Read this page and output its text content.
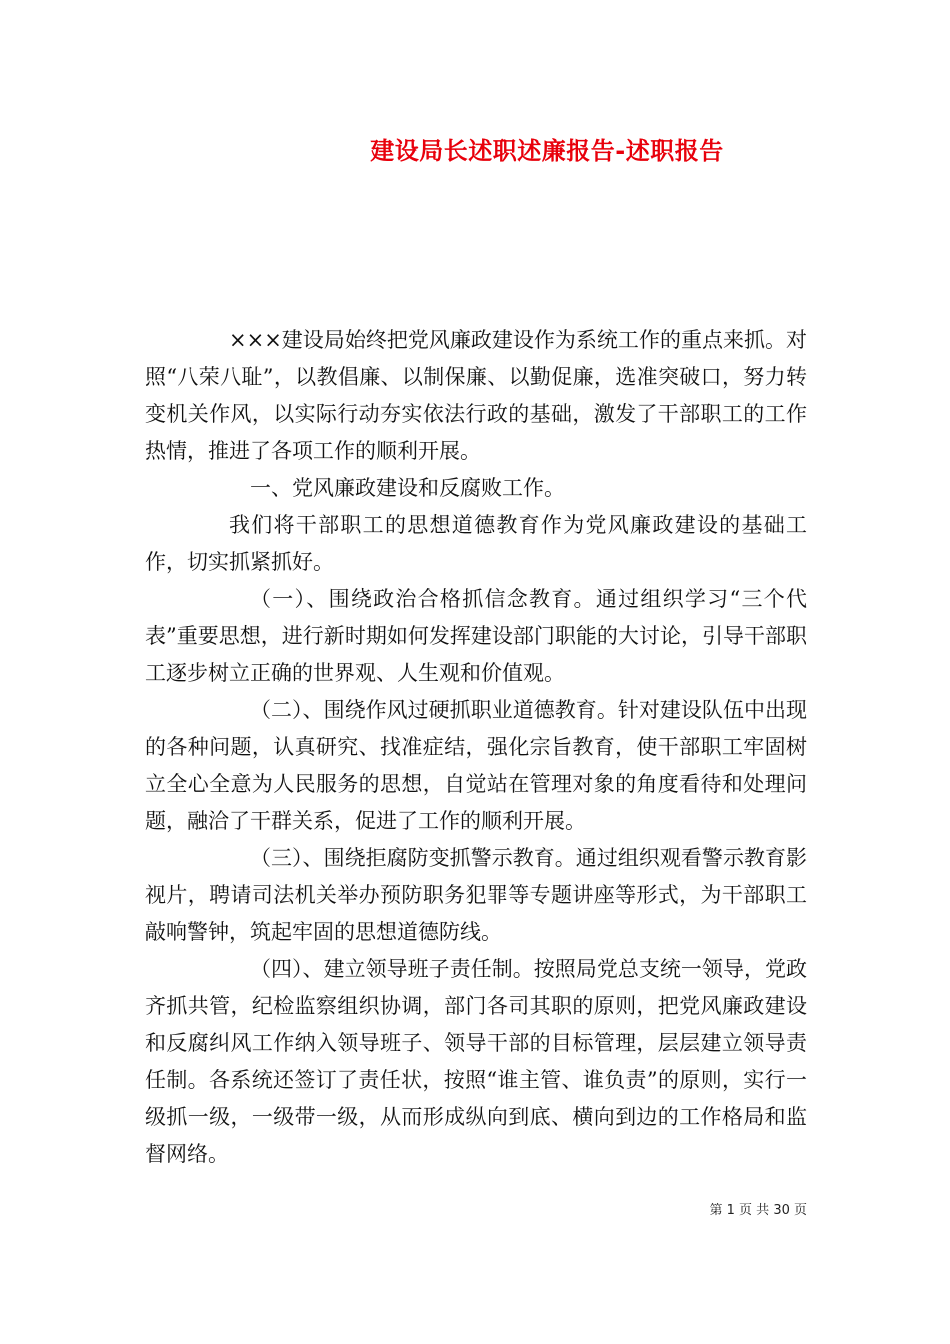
建设局长述职述廉报告-述职报告

×××建设局始终把党风廉政建设作为系统工作的重点来抓。对照“八荣八耻”，以教倡廉、以制保廉、以勤促廉，选准突破口，努力转变机关作风，以实际行动夯实依法行政的基础，激发了干部职工的工作热情，推进了各项工作的顺利开展。

一、党风廉政建设和反腐败工作。

我们将干部职工的思想道德教育作为党风廉政建设的基础工作，切实抓紧抓好。

（一）、围绕政治合格抓信念教育。通过组织学习“三个代表”重要思想，进行新时期如何发挥建设部门职能的大讨论，引导干部职工逐步树立正确的世界观、人生观和价值观。

（二）、围绕作风过硬抓职业道德教育。针对建设队伍中出现的各种问题，认真研究、找准症结，强化宗旨教育，使干部职工牢固树立全心全意为人民服务的思想，自觉站在管理对象的角度看待和处理问题，融洽了干群关系，促进了工作的顺利开展。

（三）、围绕拒腐防变抓警示教育。通过组织观看警示教育影视片，聘请司法机关举办预防职务犯罪等专题讲座等形式，为干部职工敲响警钟，筑起牢固的思想道德防线。

（四）、建立领导班子责任制。按照局党总支统一领导，党政齐抓共管，纪检监察组织协调，部门各司其职的原则，把党风廉政建设和反腐纠风工作纳入领导班子、领导干部的目标管理，层层建立领导责任制。各系统还签订了责任状，按照“谁主管、谁负责”的原则，实行一级抓一级，一级带一级，从而形成纵向到底、横向到边的工作格局和监督网络。

第 1 页 共 30 页
